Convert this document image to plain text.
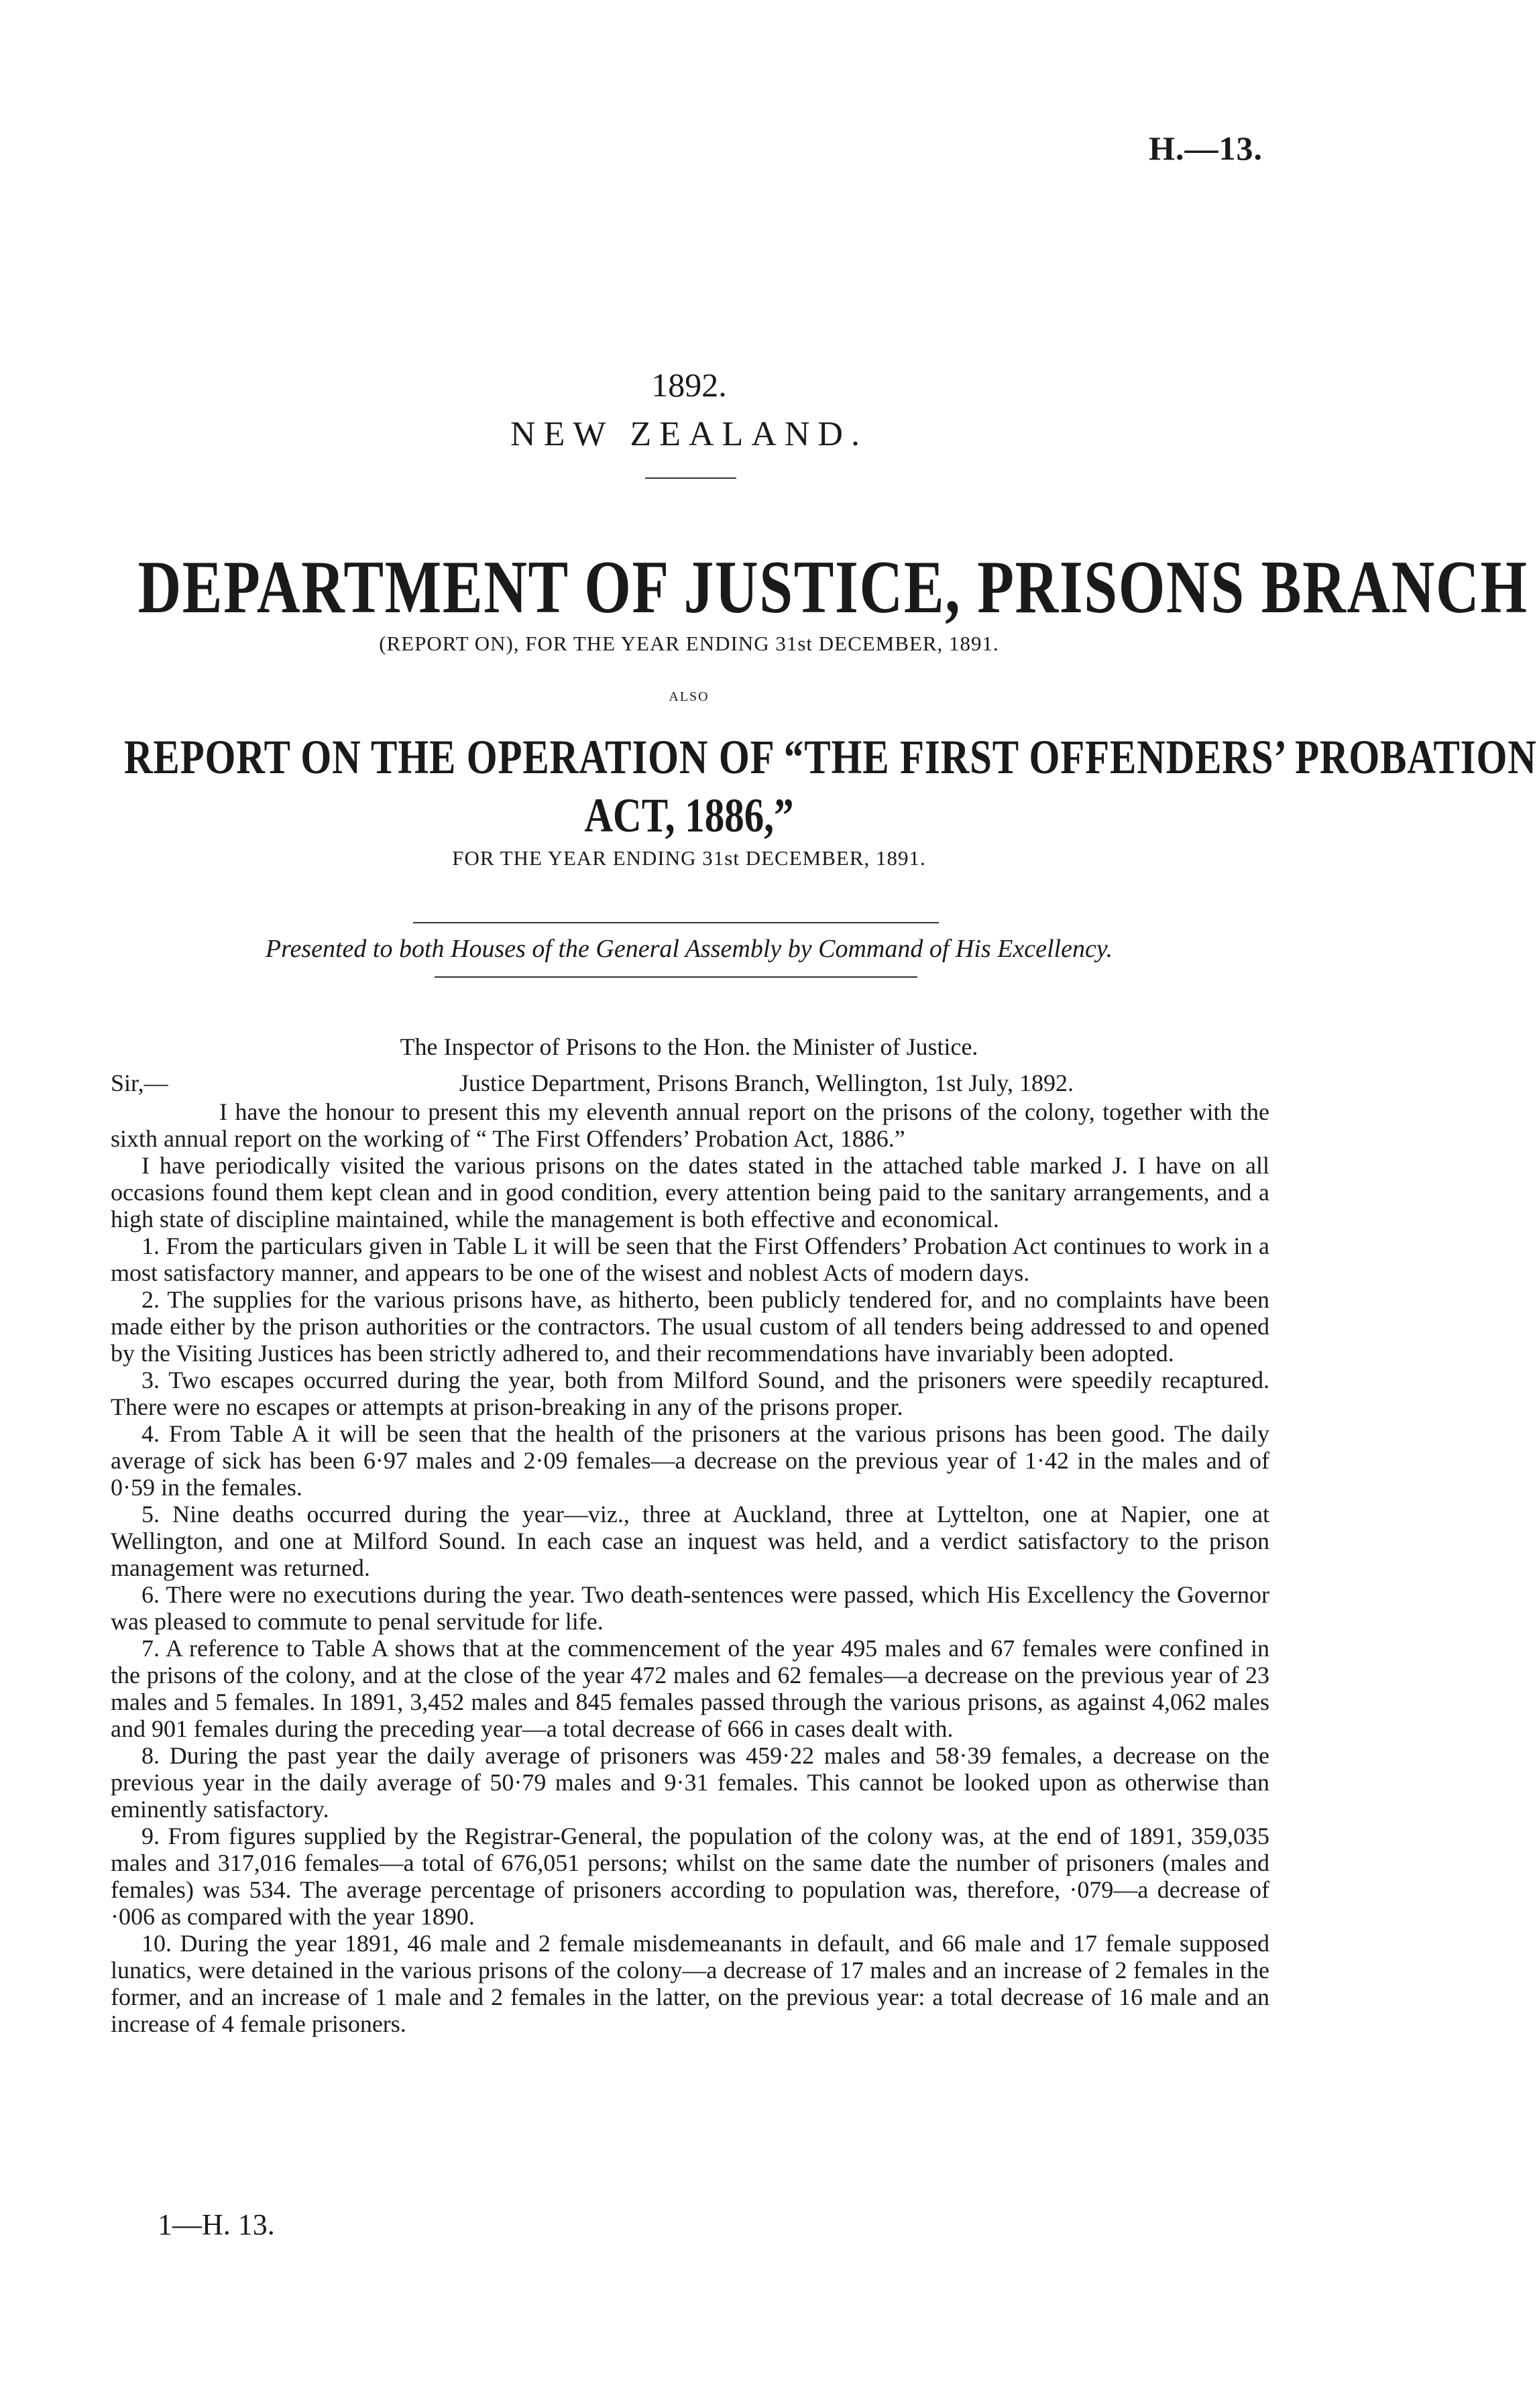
H.—13.
1892.
NEW ZEALAND.
DEPARTMENT OF JUSTICE, PRISONS BRANCH
(REPORT ON), FOR THE YEAR ENDING 31st DECEMBER, 1891.
ALSO
REPORT ON THE OPERATION OF “THE FIRST OFFENDERS’ PROBATION
ACT, 1886,”
FOR THE YEAR ENDING 31st DECEMBER, 1891.
Presented to both Houses of the General Assembly by Command of His Excellency.
The Inspector of Prisons to the Hon. the Minister of Justice.
Sir,—	Justice Department, Prisons Branch, Wellington, 1st July, 1892.

I have the honour to present this my eleventh annual report on the prisons of the colony, together with the sixth annual report on the working of “ The First Offenders’ Probation Act, 1886.”

I have periodically visited the various prisons on the dates stated in the attached table marked J. I have on all occasions found them kept clean and in good condition, every attention being paid to the sanitary arrangements, and a high state of discipline maintained, while the management is both effective and economical.

1. From the particulars given in Table L it will be seen that the First Offenders’ Probation Act continues to work in a most satisfactory manner, and appears to be one of the wisest and noblest Acts of modern days.

2. The supplies for the various prisons have, as hitherto, been publicly tendered for, and no complaints have been made either by the prison authorities or the contractors. The usual custom of all tenders being addressed to and opened by the Visiting Justices has been strictly adhered to, and their recommendations have invariably been adopted.

3. Two escapes occurred during the year, both from Milford Sound, and the prisoners were speedily recaptured. There were no escapes or attempts at prison-breaking in any of the prisons proper.

4. From Table A it will be seen that the health of the prisoners at the various prisons has been good. The daily average of sick has been 6·97 males and 2·09 females—a decrease on the previous year of 1·42 in the males and of 0·59 in the females.

5. Nine deaths occurred during the year—viz., three at Auckland, three at Lyttelton, one at Napier, one at Wellington, and one at Milford Sound. In each case an inquest was held, and a verdict satisfactory to the prison management was returned.

6. There were no executions during the year. Two death-sentences were passed, which His Excellency the Governor was pleased to commute to penal servitude for life.

7. A reference to Table A shows that at the commencement of the year 495 males and 67 females were confined in the prisons of the colony, and at the close of the year 472 males and 62 females—a decrease on the previous year of 23 males and 5 females. In 1891, 3,452 males and 845 females passed through the various prisons, as against 4,062 males and 901 females during the preceding year—a total decrease of 666 in cases dealt with.

8. During the past year the daily average of prisoners was 459·22 males and 58·39 females, a decrease on the previous year in the daily average of 50·79 males and 9·31 females. This cannot be looked upon as otherwise than eminently satisfactory.

9. From figures supplied by the Registrar-General, the population of the colony was, at the end of 1891, 359,035 males and 317,016 females—a total of 676,051 persons; whilst on the same date the number of prisoners (males and females) was 534. The average percentage of prisoners according to population was, therefore, ·079—a decrease of ·006 as compared with the year 1890.

10. During the year 1891, 46 male and 2 female misdemeanants in default, and 66 male and 17 female supposed lunatics, were detained in the various prisons of the colony—a decrease of 17 males and an increase of 2 females in the former, and an increase of 1 male and 2 females in the latter, on the previous year: a total decrease of 16 male and an increase of 4 female prisoners.

1—H. 13.
